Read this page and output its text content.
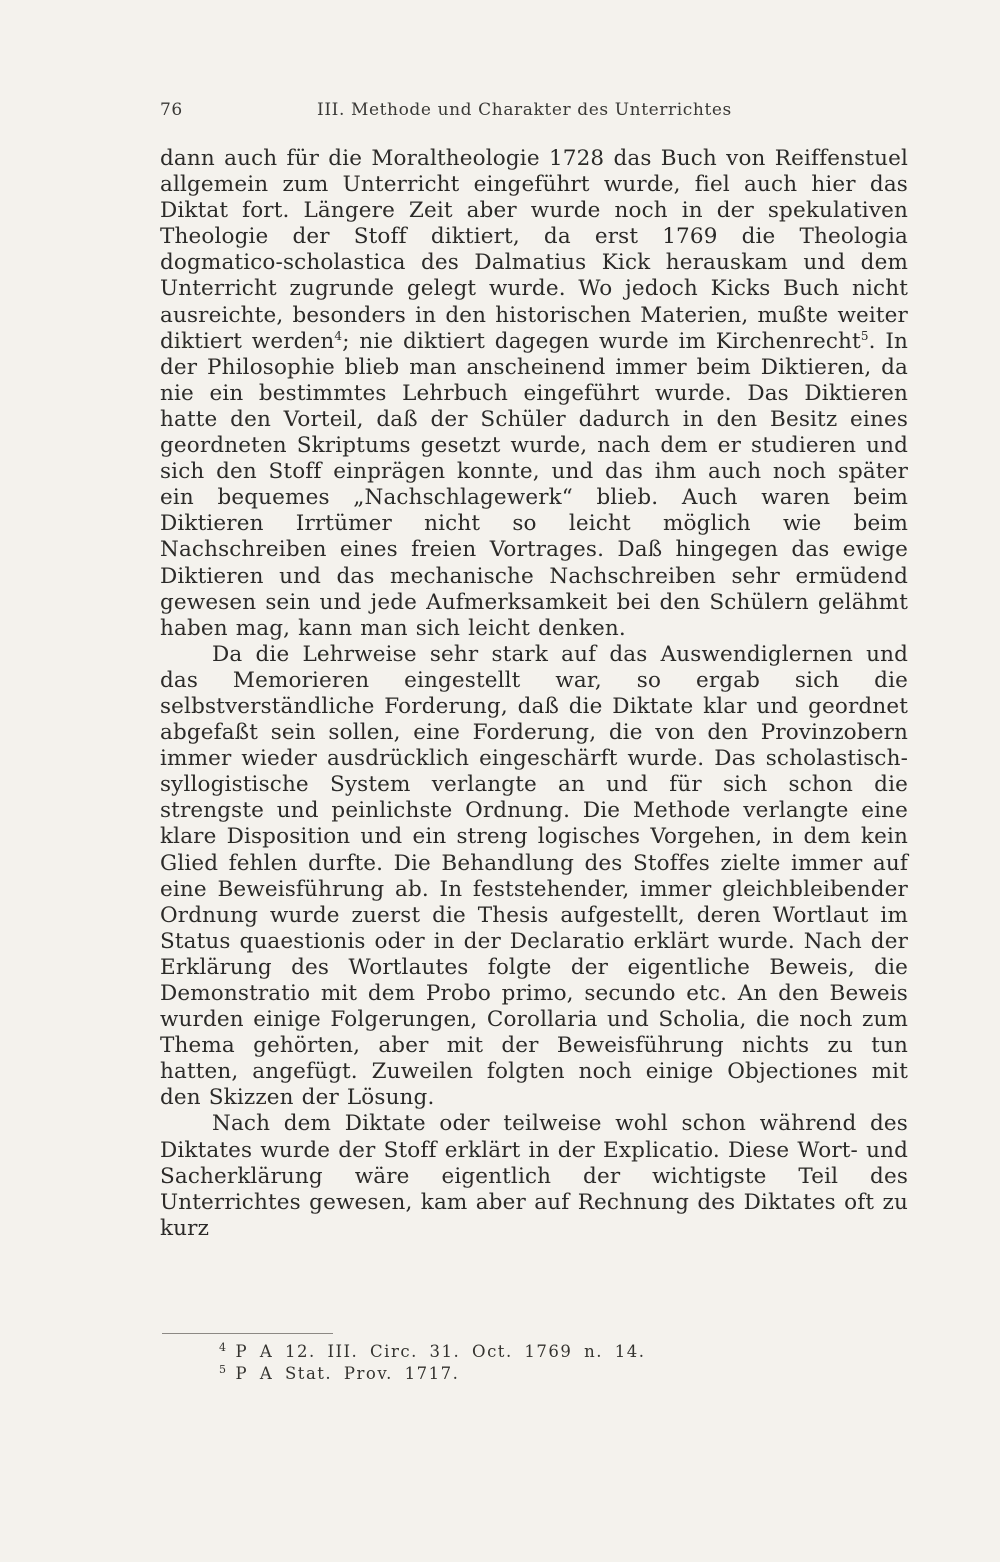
76	III. Methode und Charakter des Unterrichtes

dann auch für die Moraltheologie 1728 das Buch von Reiffenstuel allgemein zum Unterricht eingeführt wurde, fiel auch hier das Diktat fort. Längere Zeit aber wurde noch in der spekulativen Theologie der Stoff diktiert, da erst 1769 die Theologia dogmatico-scholastica des Dalmatius Kick herauskam und dem Unterricht zugrunde gelegt wurde. Wo jedoch Kicks Buch nicht ausreichte, besonders in den historischen Materien, mußte weiter diktiert werden$^4$; nie diktiert dagegen wurde im Kirchenrecht$^5$. In der Philosophie blieb man anscheinend immer beim Diktieren, da nie ein bestimmtes Lehrbuch eingeführt wurde. Das Diktieren hatte den Vorteil, daß der Schüler dadurch in den Besitz eines geordneten Skriptums gesetzt wurde, nach dem er studieren und sich den Stoff einprägen konnte, und das ihm auch noch später ein bequemes „Nachschlagewerk“ blieb. Auch waren beim Diktieren Irrtümer nicht so leicht möglich wie beim Nachschreiben eines freien Vortrages. Daß hingegen das ewige Diktieren und das mechanische Nachschreiben sehr ermüdend gewesen sein und jede Aufmerksamkeit bei den Schülern gelähmt haben mag, kann man sich leicht denken.

Da die Lehrweise sehr stark auf das Auswendiglernen und das Memorieren eingestellt war, so ergab sich die selbstverständliche Forderung, daß die Diktate klar und geordnet abgefaßt sein sollen, eine Forderung, die von den Provinzobern immer wieder ausdrücklich eingeschärft wurde. Das scholastisch-syllogistische System verlangte an und für sich schon die strengste und peinlichste Ordnung. Die Methode verlangte eine klare Disposition und ein streng logisches Vorgehen, in dem kein Glied fehlen durfte. Die Behandlung des Stoffes zielte immer auf eine Beweisführung ab. In feststehender, immer gleichbleibender Ordnung wurde zuerst die Thesis aufgestellt, deren Wortlaut im Status quaestionis oder in der Declaratio erklärt wurde. Nach der Erklärung des Wortlautes folgte der eigentliche Beweis, die Demonstratio mit dem Probo primo, secundo etc. An den Beweis wurden einige Folgerungen, Corollaria und Scholia, die noch zum Thema gehörten, aber mit der Beweisführung nichts zu tun hatten, angefügt. Zuweilen folgten noch einige Objectiones mit den Skizzen der Lösung.

Nach dem Diktate oder teilweise wohl schon während des Diktates wurde der Stoff erklärt in der Explicatio. Diese Wort- und Sacherklärung wäre eigentlich der wichtigste Teil des Unterrichtes gewesen, kam aber auf Rechnung des Diktates oft zu kurz

$^4$ P A 12. III. Circ. 31. Oct. 1769 n. 14.
$^5$ P A Stat. Prov. 1717.
